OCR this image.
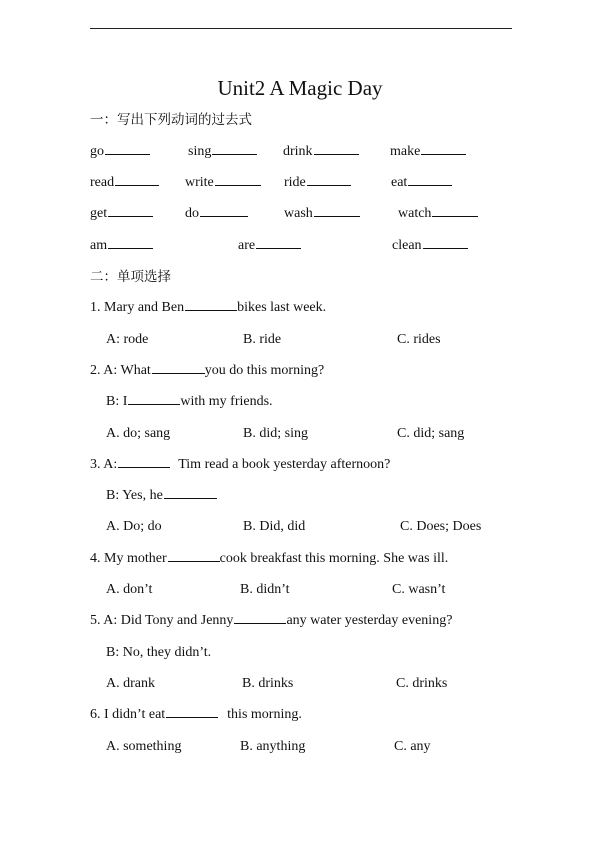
Unit2 A Magic Day
一：写出下列动词的过去式
go	sing	drink	make
read	write	ride	eat
get	do	wash	watch
am	are	clean
二：单项选择
1. Mary and Ben	bikes last week.
A: rode	B. ride	C. rides
2. A: What	you do this morning?
B: I	with my friends.
A. do; sang	B. did; sing	C. did; sang
3. A:	Tim read a book yesterday afternoon?
B: Yes, he
A. Do; do	B. Did, did	C. Does; Does
4. My mother	cook breakfast this morning. She was ill.
A. don’t	B. didn’t	C. wasn’t
5. A: Did Tony and Jenny	any water yesterday evening?
B: No, they didn’t.
A. drank	B. drinks	C. drinks
6. I didn’t eat	this morning.
A. something	B. anything	C. any
